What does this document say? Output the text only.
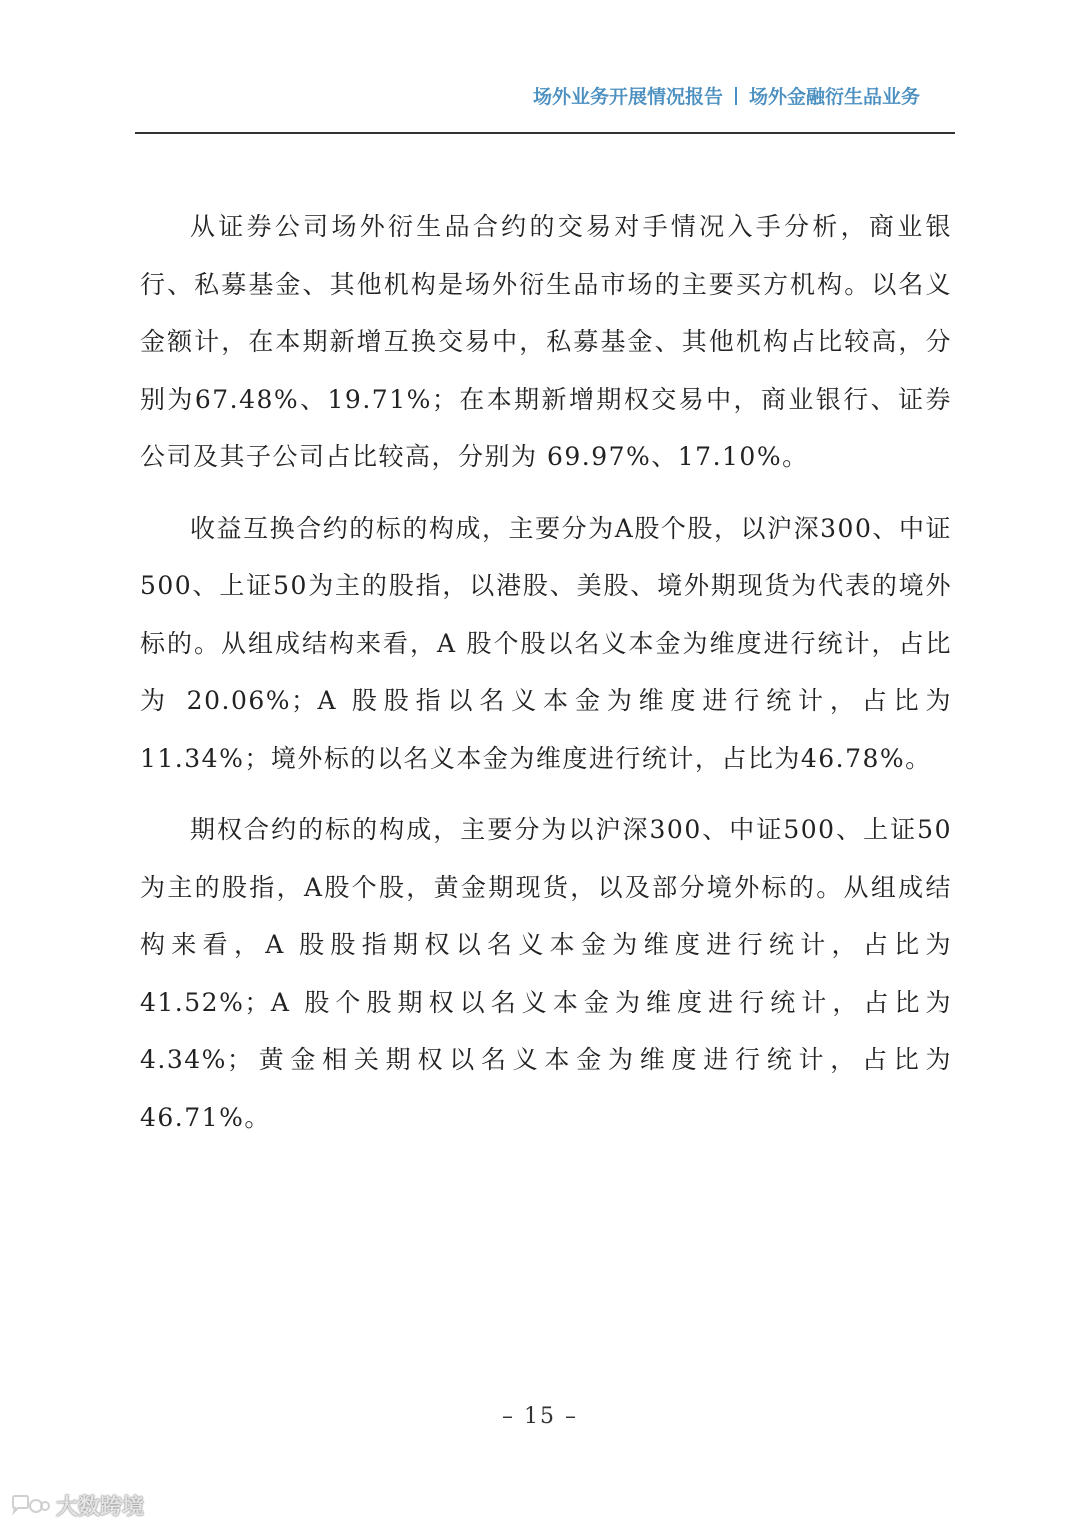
场外业务开展情况报告 场外金融衍生品业务

从证券公司场外衍生品合约的交易对手情况入手分析，商业银行、私募基金、其他机构是场外衍生品市场的主要买方机构。以名义金额计，在本期新增互换交易中，私募基金、其他机构占比较高，分别为67.48%、19.71%；在本期新增期权交易中，商业银行、证券公司及其子公司占比较高，分别为 69.97%、17.10%。

收益互换合约的标的构成，主要分为A股个股，以沪深300、中证500、上证50为主的股指，以港股、美股、境外期现货为代表的境外标的。从组成结构来看，A 股个股以名义本金为维度进行统计，占比为 20.06%；A 股股指以名义本金为维度进行统计，占比为 11.34%；境外标的以名义本金为维度进行统计，占比为46.78%。

期权合约的标的构成，主要分为以沪深300、中证500、上证50为主的股指，A股个股，黄金期现货，以及部分境外标的。从组成结构来看，A 股股指期权以名义本金为维度进行统计，占比为 41.52%；A 股个股期权以名义本金为维度进行统计，占比为4.34%；黄金相关期权以名义本金为维度进行统计，占比为46.71%。

– 15 –
大数跨境
